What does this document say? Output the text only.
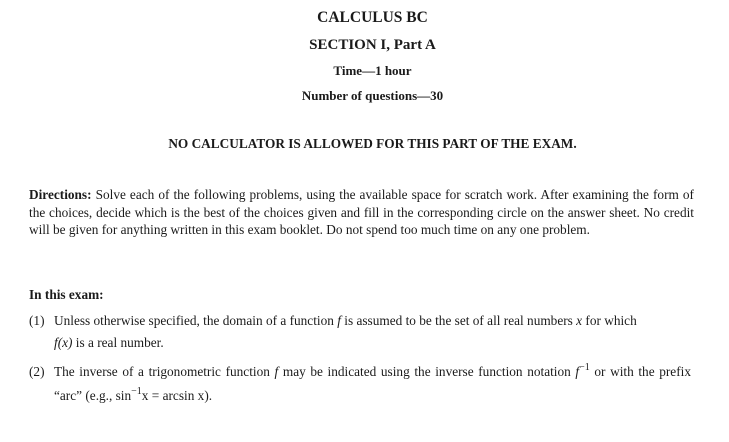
CALCULUS BC
SECTION I, Part A
Time—1 hour
Number of questions—30
NO CALCULATOR IS ALLOWED FOR THIS PART OF THE EXAM.
Directions: Solve each of the following problems, using the available space for scratch work. After examining the form of the choices, decide which is the best of the choices given and fill in the corresponding circle on the answer sheet. No credit will be given for anything written in this exam booklet. Do not spend too much time on any one problem.
In this exam:
(1) Unless otherwise specified, the domain of a function f is assumed to be the set of all real numbers x for which
f(x) is a real number.
(2) The inverse of a trigonometric function f may be indicated using the inverse function notation $f^{-1}$ or with the prefix “arc” (e.g., $\sin^{-1}x = \arcsin x$).
